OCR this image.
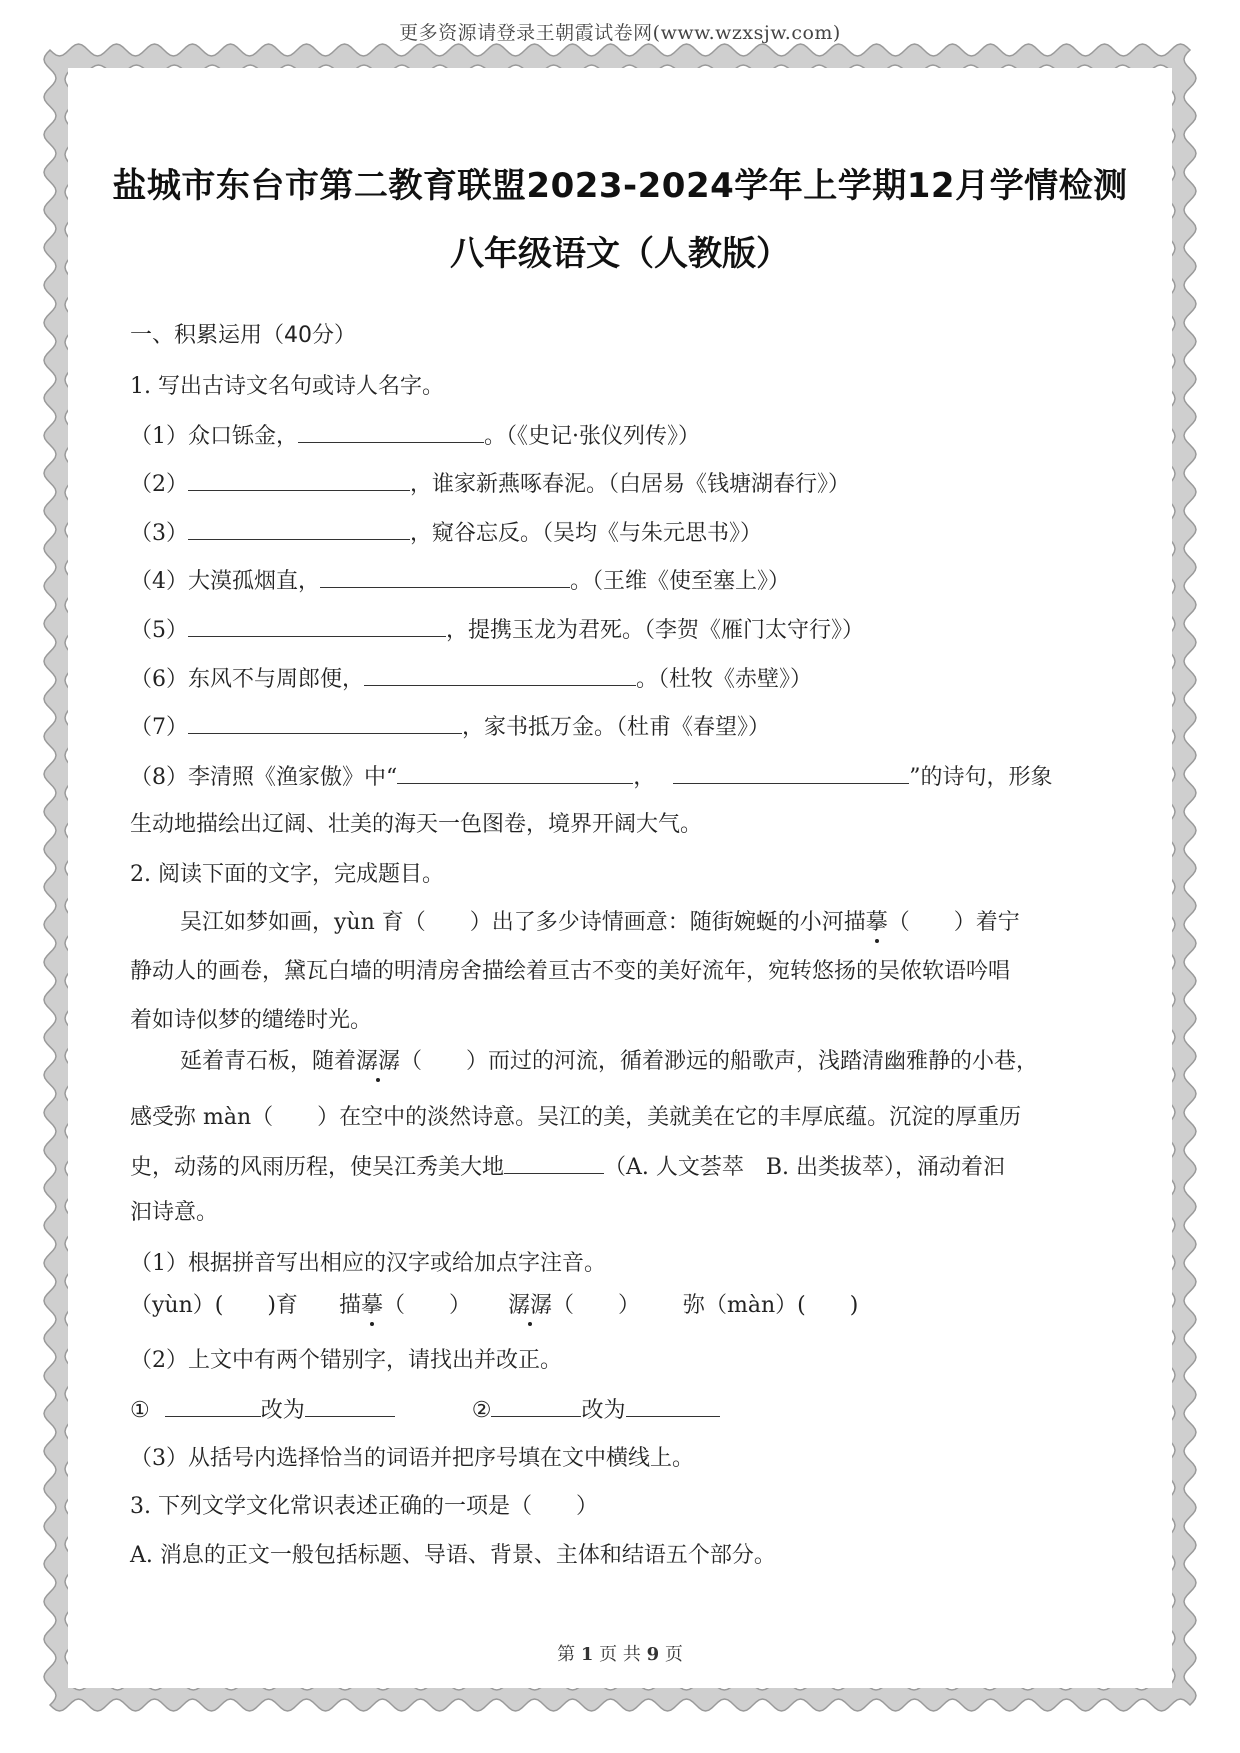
更多资源请登录王朝霞试卷网(www.wzxsjw.com)
盐城市东台市第二教育联盟2023-2024学年上学期12月学情检测
八年级语文（人教版）
一、积累运用（40分）
1. 写出古诗文名句或诗人名字。
（1）众口铄金，	。（《史记·张仪列传》）
（2）	，谁家新燕啄春泥。（白居易《钱塘湖春行》）
（3）	，窥谷忘反。（吴均《与朱元思书》）
（4）大漠孤烟直，	。（王维《使至塞上》）
（5）	，提携玉龙为君死。（李贺《雁门太守行》）
（6）东风不与周郎便，	。（杜牧《赤壁》）
（7）	，家书抵万金。（杜甫《春望》）
（8）李清照《渔家傲》中“	，	”的诗句，形象
生动地描绘出辽阔、壮美的海天一色图卷，境界开阔大气。
2. 阅读下面的文字，完成题目。
吴江如梦如画，yùn 育（　　）出了多少诗情画意：随街婉蜒的小河描摹（　　）着宁
静动人的画卷，黛瓦白墙的明清房舍描绘着亘古不变的美好流年，宛转悠扬的吴侬软语吟唱
着如诗似梦的缱绻时光。
延着青石板，随着潺潺（　　）而过的河流，循着渺远的船歌声，浅踏清幽雅静的小巷，
感受弥 màn（　　）在空中的淡然诗意。吴江的美，美就美在它的丰厚底蕴。沉淀的厚重历
史，动荡的风雨历程，使吴江秀美大地	（A. 人文荟萃　B. 出类拔萃），涌动着汩
汩诗意。
（1）根据拼音写出相应的汉字或给加点字注音。
（yùn）(　　)育 描摹（　　） 潺潺（　　） 弥（màn）(　　)
（2）上文中有两个错别字，请找出并改正。
①	改为	②	改为
（3）从括号内选择恰当的词语并把序号填在文中横线上。
3. 下列文学文化常识表述正确的一项是（　　）
A. 消息的正文一般包括标题、导语、背景、主体和结语五个部分。
第 1 页 共 9 页
